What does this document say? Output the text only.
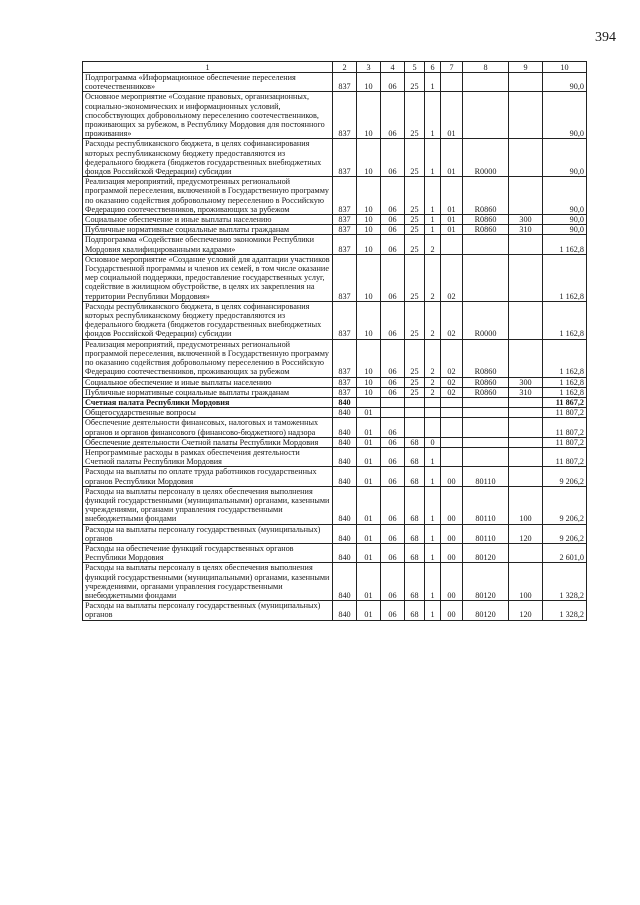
394
1	2	3	4	5	6	7	8	9	10
Подпрограмма «Информационное обеспечение переселения соотечественников»	837	10	06	25	1				90,0
Основное мероприятие «Создание правовых, организационных, социально-экономических и информационных условий, способствующих добровольному переселению соотечественников, проживающих за рубежом, в Республику Мордовия для постоянного проживания»	837	10	06	25	1	01			90,0
Расходы республиканского бюджета, в целях софинансирования которых республиканскому бюджету предоставляются из федерального бюджета (бюджетов государственных внебюджетных фондов Российской Федерации) субсидии	837	10	06	25	1	01	R0000		90,0
Реализация мероприятий, предусмотренных региональной программой переселения, включенной в Государственную программу по оказанию содействия добровольному переселению в Российскую Федерацию соотечественников, проживающих за рубежом	837	10	06	25	1	01	R0860		90,0
Социальное обеспечение и иные выплаты населению	837	10	06	25	1	01	R0860	300	90,0
Публичные нормативные социальные выплаты гражданам	837	10	06	25	1	01	R0860	310	90,0
Подпрограмма «Содействие обеспечению экономики Республики Мордовия квалифицированными кадрами»	837	10	06	25	2				1 162,8
Основное мероприятие «Создание условий для адаптации участников Государственной программы и членов их семей, в том числе оказание мер социальной поддержки, предоставление государственных услуг, содействие в жилищном обустройстве, в целях их закрепления на территории Республики Мордовия»	837	10	06	25	2	02			1 162,8
Расходы республиканского бюджета, в целях софинансирования которых республиканскому бюджету предоставляются из федерального бюджета (бюджетов государственных внебюджетных фондов Российской Федерации) субсидии	837	10	06	25	2	02	R0000		1 162,8
Реализация мероприятий, предусмотренных региональной программой переселения, включенной в Государственную программу по оказанию содействия добровольному переселению в Российскую Федерацию соотечественников, проживающих за рубежом	837	10	06	25	2	02	R0860		1 162,8
Социальное обеспечение и иные выплаты населению	837	10	06	25	2	02	R0860	300	1 162,8
Публичные нормативные социальные выплаты гражданам	837	10	06	25	2	02	R0860	310	1 162,8
Счетная палата Республики Мордовия	840								11 867,2
Общегосударственные вопросы	840	01							11 807,2
Обеспечение деятельности финансовых, налоговых и таможенных органов и органов финансового (финансово-бюджетного) надзора	840	01	06						11 807,2
Обеспечение деятельности Счетной палаты Республики Мордовия	840	01	06	68	0				11 807,2
Непрограммные расходы в рамках обеспечения деятельности Счетной палаты Республики Мордовия	840	01	06	68	1				11 807,2
Расходы на выплаты по оплате труда работников государственных органов Республики Мордовия	840	01	06	68	1	00	80110		9 206,2
Расходы на выплаты персоналу в целях обеспечения выполнения функций государственными (муниципальными) органами, казенными учреждениями, органами управления государственными внебюджетными фондами	840	01	06	68	1	00	80110	100	9 206,2
Расходы на выплаты персоналу государственных (муниципальных) органов	840	01	06	68	1	00	80110	120	9 206,2
Расходы на обеспечение функций государственных органов Республики Мордовия	840	01	06	68	1	00	80120		2 601,0
Расходы на выплаты персоналу в целях обеспечения выполнения функций государственными (муниципальными) органами, казенными учреждениями, органами управления государственными внебюджетными фондами	840	01	06	68	1	00	80120	100	1 328,2
Расходы на выплаты персоналу государственных (муниципальных) органов	840	01	06	68	1	00	80120	120	1 328,2
